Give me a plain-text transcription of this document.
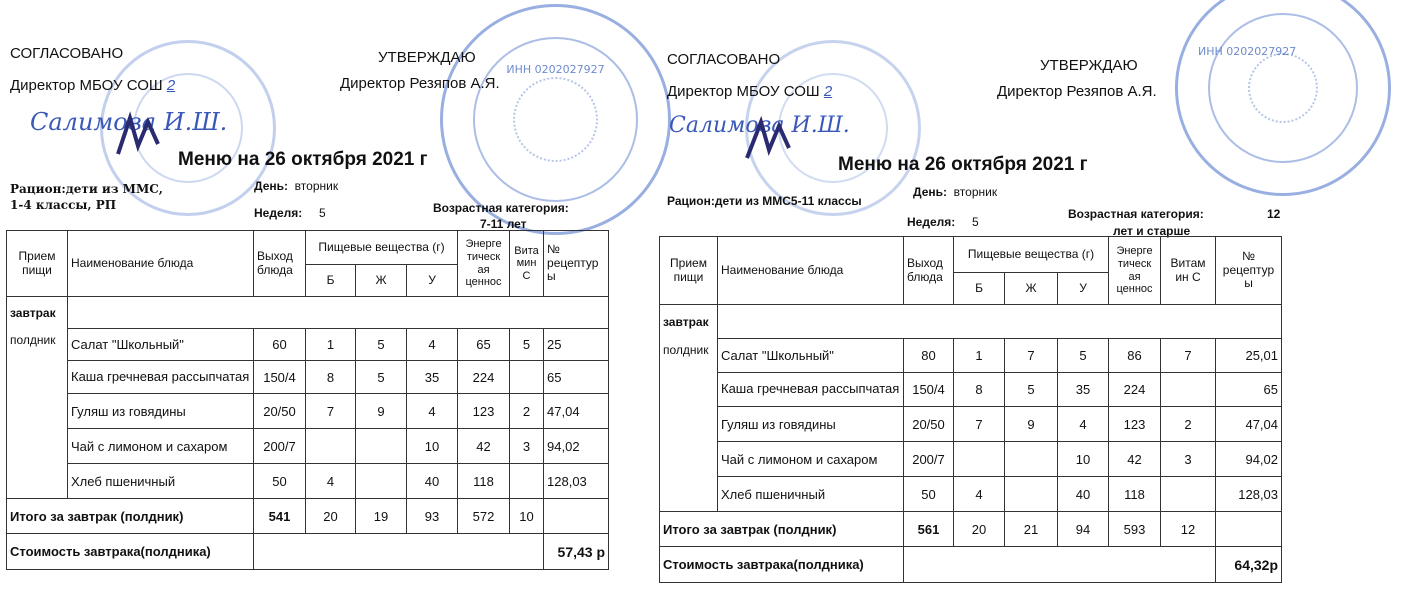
ИНН 0202027927
СОГЛАСОВАНО
Директор МБОУ СОШ 2
Салимова И.Ш.
УТВЕРЖДАЮ
Директор Резяпов А.Я.
Меню на 26 октября 2021 г
Рацион:дети из ММС,
1-4 классы, РП
День: вторник
Неделя: 5	Возрастная категория:
7-11 лет
Прием пищи	Наименование блюда	Выход блюда	Пищевые вещества (г)			Энерге тическ ая ценнос	Вита мин С	№ рецептур ы
			Б	Ж	У			
завтрак								
полдник	Салат "Школьный"	60	1	5	4	65	5	25
	Каша гречневая рассыпчатая	150/4	8	5	35	224		65
	Гуляш из говядины	20/50	7	9	4	123	2	47,04
	Чай с лимоном и сахаром	200/7			10	42	3	94,02
	Хлеб пшеничный	50	4		40	118		128,03
Итого за завтрак (полдник)		541	20	19	93	572	10	
Стоимость завтрака(полдника)								57,43 р
ИНН 0202027927
СОГЛАСОВАНО
Директор МБОУ СОШ 2
Салимова И.Ш.
УТВЕРЖДАЮ
Директор Резяпов А.Я.
Меню на 26 октября 2021 г
Рацион:дети из ММС5-11 классы
День: вторник
Неделя: 5
Возрастная категория:	12
лет и старше
Прием пищи	Наименование блюда	Выход блюда	Пищевые вещества (г)			Энерге тическ ая ценнос	Витам ин С	№ рецептур ы
			Б	Ж	У			
завтрак								
полдник	Салат "Школьный"	80	1	7	5	86	7	25,01
	Каша гречневая рассыпчатая	150/4	8	5	35	224		65
	Гуляш из говядины	20/50	7	9	4	123	2	47,04
	Чай с лимоном и сахаром	200/7			10	42	3	94,02
	Хлеб пшеничный	50	4		40	118		128,03
Итого за завтрак (полдник)		561	20	21	94	593	12	
Стоимость завтрака(полдника)								64,32р
